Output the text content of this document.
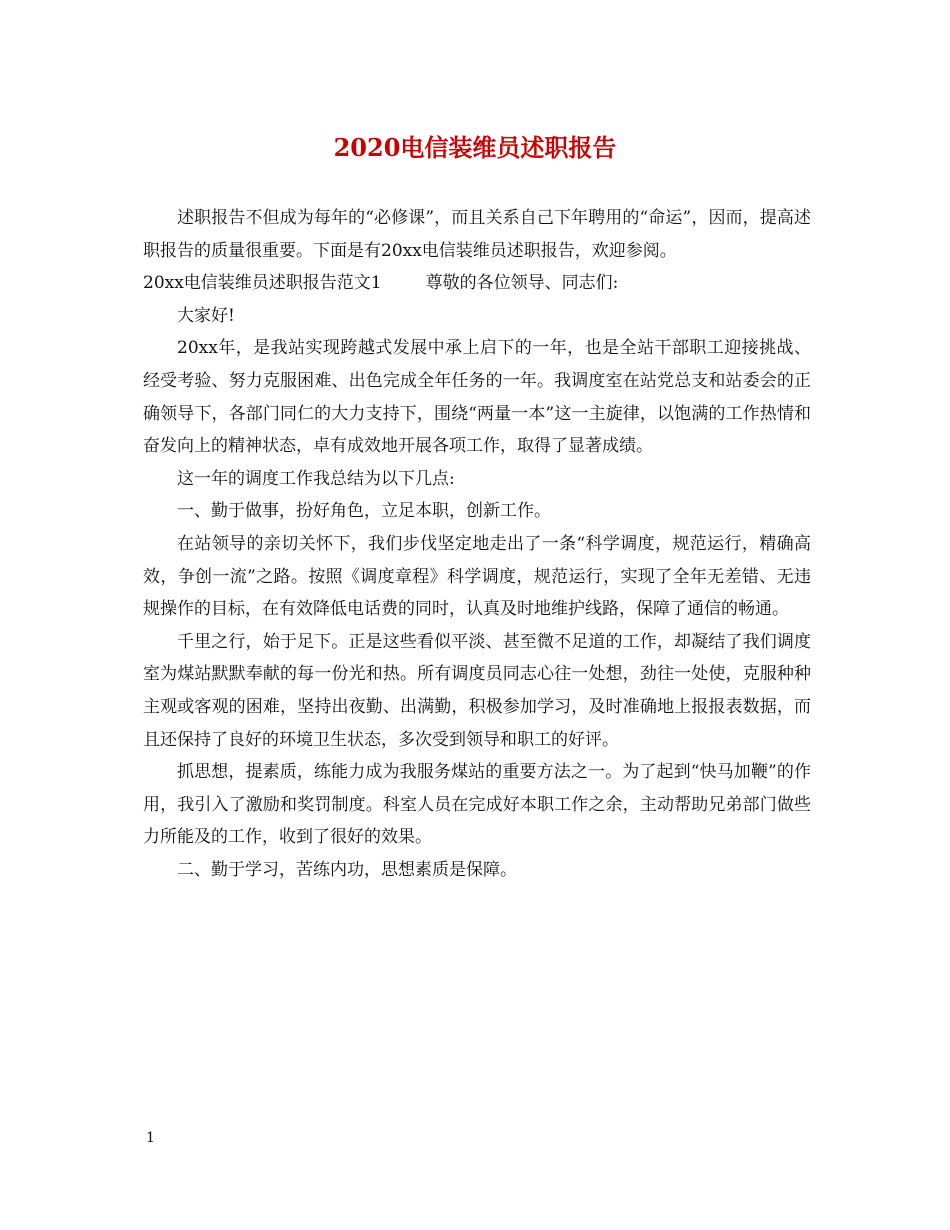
2020电信装维员述职报告

述职报告不但成为每年的“必修课”，而且关系自己下年聘用的“命运”，因而，提高述职报告的质量很重要。下面是有20xx电信装维员述职报告，欢迎参阅。

20xx电信装维员述职报告范文1	尊敬的各位领导、同志们:

大家好!

20xx年，是我站实现跨越式发展中承上启下的一年，也是全站干部职工迎接挑战、经受考验、努力克服困难、出色完成全年任务的一年。我调度室在站党总支和站委会的正确领导下，各部门同仁的大力支持下，围绕“两量一本”这一主旋律，以饱满的工作热情和奋发向上的精神状态，卓有成效地开展各项工作，取得了显著成绩。

这一年的调度工作我总结为以下几点:

一、勤于做事，扮好角色，立足本职，创新工作。

在站领导的亲切关怀下，我们步伐坚定地走出了一条“科学调度，规范运行，精确高效，争创一流”之路。按照《调度章程》科学调度，规范运行，实现了全年无差错、无违规操作的目标，在有效降低电话费的同时，认真及时地维护线路，保障了通信的畅通。

千里之行，始于足下。正是这些看似平淡、甚至微不足道的工作，却凝结了我们调度室为煤站默默奉献的每一份光和热。所有调度员同志心往一处想，劲往一处使，克服种种主观或客观的困难，坚持出夜勤、出满勤，积极参加学习，及时准确地上报报表数据，而且还保持了良好的环境卫生状态，多次受到领导和职工的好评。

抓思想，提素质，练能力成为我服务煤站的重要方法之一。为了起到“快马加鞭”的作用，我引入了激励和奖罚制度。科室人员在完成好本职工作之余，主动帮助兄弟部门做些力所能及的工作，收到了很好的效果。

二、勤于学习，苦练内功，思想素质是保障。

1
